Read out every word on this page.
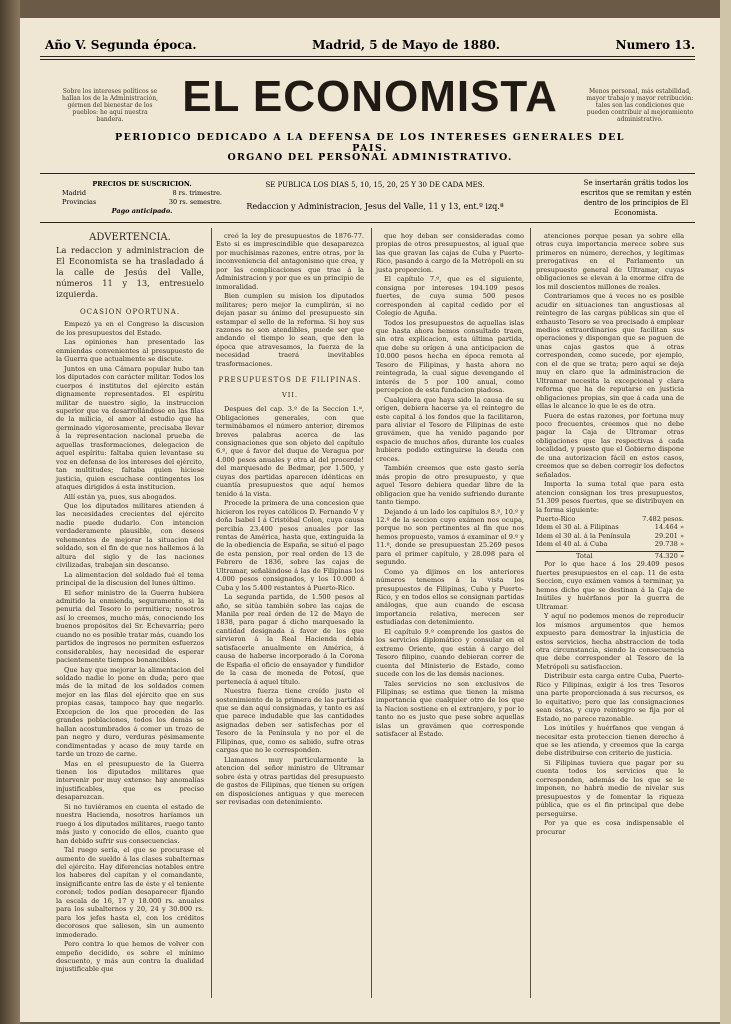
Año V. Segunda época.	Madrid, 5 de Mayo de 1880.	Numero 13.
Sobre los intereses políticos se hallan los de la Administración, gérmen del bienestar de los pueblos: he aquí nuestra bandera.
Menos personal, más estabilidad, mayor trabajo y mayor retribución: tales son las condiciones que pueden contribuir al mejoramiento administrativo.
EL ECONOMISTA
PERIODICO DEDICADO A LA DEFENSA DE LOS INTERESES GENERALES DEL PAIS.
ORGANO DEL PERSONAL ADMINISTRATIVO.
PRECIOS DE SUSCRICION.
Madrid	8 rs. trimestre.
Provincias	30 rs. semestre.
Pago anticipado.
SE PUBLICA LOS DIAS 5, 10, 15, 20, 25 Y 30 DE CADA MES.
Redaccion y Administracion, Jesus del Valle, 11 y 13, ent.º izq.ª
Se insertarán grátis todos los escritos que se remitan y estén dentro de los principios de El Economista.
ADVERTENCIA.
La redaccion y administracion de El Economista se ha trasladado á la calle de Jesús del Valle, números 11 y 13, entresuelo izquierda.
OCASION OPORTUNA.

Empezó ya en el Congreso la discusion de los presupuestos del Estado.

Las opiniones han presentado las enmiendas convenientes al presupuesto de la Guerra que actualmente se discute.

Juntos en una Cámara popular hubo tan los diputados con carácter militar. Todos los cuerpos é institutos del ejército están dignamente representados. El espíritu militar de nuestro siglo, la instruccion superior que va desarrollándose en las filas de la milicia, el amor al estudio que ha germinado vigorosamente, precisaba llevar á la representacion nacional prueba de aquellas trasformaciones, delegacion de aquel espíritu: faltaba quien levantase su voz en defensa de los intereses del ejército, tan multitudes; faltaba quien hiciese justicia, quien escuchase contingentes los ataques dirigidos á esta institucion.

Allí están ya, pues, sus abogados.

Que los diputados militares atienden á las necesidades crecientes del ejército nadie puede dudarlo. Con intencion verdaderamente plausible, con deseos vehementes de mejorar la situacion del soldado, son el fin de que nos hallemos á la altura del siglo y de las naciones civilizadas, trabajan sin descanso.

La alimentacion del soldado fué el tema principal de la discusion del lunes último.

El señor ministro de la Guerra hubiera admitido la enmienda, seguramente, si la penuria del Tesoro lo permitiera; nosotros así lo creemos, mucho más, conociendo los buenos propósitos del Sr. Echevarría; pero cuando no es posible tratar más, cuando los partidos de ingresos no permiten esfuerzos considerables, hay necesidad de esperar pacientemente tiempos bonancibles.

Que hay que mejorar la alimentacion del soldado nadie lo pone en duda; pero que más de la mitad de los soldados comen mejor en las filas del ejército que en sus propias casas, tampoco hay que negarlo. Excepcion de los que proceden de las grandes poblaciones, todos los demás se hallan acostumbrados á comer un trozo de pan negro y duro, verduras pésimamente condimentadas y acaso de muy tarde en tarde un trozo de carne.

Mas en el presupuesto de la Guerra tienen los diputados militares que intervenir por muy extenso: hay anomalías injustificables, que es preciso desaparezcan.

Si no tuviéramos en cuenta el estado de nuestra Hacienda, nosotros haríamos un ruego á los diputados militares, ruego tanto más justo y conocido de ellos, cuanto que han debido sufrir sus consecuencias.

Tal ruego sería, el que se procurase el aumento de sueldo á las clases subalternas del ejército. Hay diferencias notables entre los haberes del capitan y el comandante, insignificante entre las de éste y el teniente coronel; todos podían desaparecer fijando la escala de 16, 17 y 18.000 rs. anuales para los subalternos y 20, 24 y 30.000 rs. para los jefes hasta el, con los créditos decorosos que saliesen, sin un aumento inmoderado.

Pero contra lo que hemos de volver con empeño decidido, es sobre el mínimo descuento, y más aun contra la dualidad injustificable que

creó la ley de presupuestos de 1876-77. Esto si es imprescindible que desaparezca por muchísimas razones, entre otras, por la inconveniencia del antagonismo que crea, y por las complicaciones que trae á la Administracion y por que es un principio de inmoralidad.

Bien cumplen su mision los diputados militares; pero mejor la cumplirán, si no dejan pasar su ánimo del presupuesto sin estampar el sello de la reforma. Si hoy sus razones no son atendibles, puede ser que andando el tiempo lo sean, que den la época que atravesamos, la fuerza de la necesidad traerá inevitables trasformaciones.

PRESUPUESTOS DE FILIPINAS.
VII.

Despues del cap. 3.º de la Seccion 1.ª, Obligaciones generales, con que terminábamos el número anterior, diremos breves palabras acerca de las consignaciones que son objeto del capítulo 6.º, que á favor del duque de Veragua por 4.000 pesos anuales y otra al del procerde! del marquesado de Bedmar, por 1.500, y cuyas dos partidas aparecen idénticas en cuantía presupuestos que aquí hemos tenido á la vista.

Procede la primera de una concesion que hicieron los reyes católicos D. Fernando V y doña Isabel I á Cristóbal Colon, cuya causa percibía 23.400 pesos anuales por las rentas de América, hasta que, extinguida la de la obediencia de España, se situó el pago de esta pension, por real orden de 13 de Febrero de 1836, sobre las cajas de Ultramar, señalándose á las de Filipinas los 4.000 pesos consignados, y los 10.000 á Cuba y los 5.400 restantes á Puerto-Rico.

La segunda partida, de 1.500 pesos al año, se sitúa también sobre las cajas de Manila por real órden de 12 de Mayo de 1838, para pagar á dicho marquesado la cantidad designada á favor de los que sirvieron á la Real Hacienda debía satisfacerle anualmente en América, á causa de haberse incorporado á la Corona de España el oficio de ensayador y fundidor de la casa de moneda de Potosí, que pertenecía á aquel título.

Nuestra fuerza tiene creído justo el sostenimiento de la primera de las partidas que se dan aquí consignadas, y tanto es así que parece indudable que las cantidades asignadas deben ser satisfechas por el Tesoro de la Península y no por el de Filipinas, que, como es sabido, sufre otras cargas que no le corresponden.

Llamamos muy particularmente la atencion del señor ministro de Ultramar sobre ésta y otras partidas del presupuesto de gastos de Filipinas, que tienen su orígen en disposiciones antiguas y que merecen ser revisadas con detenimiento.

que hoy deban ser consideradas como propias de otros presupuestos, al igual que las que gravan las cajas de Cuba y Puerto-Rico, pasando á cargo de la Metrópoli en su justa proporcion.

El capítulo 7.º, que es el siguiente, consigna por intereses 194.109 pesos fuertes, de cuya suma 500 pesos corresponden al capital cedido por el Colegio de Aguña.

Todos los presupuestos de aquellas islas que hasta ahora hemos consultado traen, sin otra explicacion, esta última partida, que debe su orígen á una anticipacion de 10.000 pesos hecha en época remota al Tesoro de Filipinas, y hasta ahora no reintegrada, la cual sigue devengando el interés de 5 por 100 anual, como percepcion de esta fundacion piadosa.

Cualquiera que haya sido la causa de su orígen, debiera hacerse ya el reintegro de este capital á los fondos que la facilitaron, para aliviar el Tesoro de Filipinas de este gravámen, que ha venido pagando por espacio de muchos años, durante los cuales hubiera podido extinguirse la deuda con creces.

También creemos que este gasto sería más propio de otro presupuesto, y que aquel Tesoro debiera quedar libre de la obligacion que ha venido sufriendo durante tanto tiempo.

Dejando á un lado los capítulos 8.º, 10.º y 12.º de la seccion cuyo exámen nos ocupa, porque no son pertinentes al fin que nos hemos propuesto, vamos á examinar el 9.º y 11.º, donde se presupuestan 25.269 pesos para el primer capítulo, y 28.098 para el segundo.

Como ya dijimos en los anteriores números tenemos á la vista los presupuestos de Filipinas, Cuba y Puerto-Rico, y en todos ellos se consignan partidas análogas, que aun cuando de escasa importancia relativa, merecen ser estudiadas con detenimiento.

El capítulo 9.º comprende los gastos de los servicios diplomático y consular en el extremo Oriente, que están á cargo del Tesoro filipino, cuando debieran correr de cuenta del Ministerio de Estado, como sucede con los de las demás naciones.

Tales servicios no son exclusivos de Filipinas; se estima que tienen la misma importancia que cualquier otro de los que la Nacion sostiene en el extranjero, y por lo tanto no es justo que pese sobre aquellas islas un gravámen que corresponde satisfacer al Estado.

atenciones porque pesan ya sobre ella otras cuya importancia merece sobre sus primeros en número, derechos, y legítimas prerogativas en el Parlamento un presupuesto general de Ultramar, cuyas obligaciones se elevan á la enorme cifra de los mil doscientos millones de reales.

Contrariamos que á veces no es posible acudir en situaciones tan angustiosas al reintegro de las cargas públicas sin que el exhausto Tesoro se vea precisado á emplear medios extraordinarios que facilitan sus operaciones y dispongan que se paguen de unas cajas gastos que á otras corresponden, como sucede, por ejemplo, con el de que se trata; pero aquí se deja muy en claro que la administracion de Ultramar necesita la excepcional y clara reforma que ha de reputarse en justicia obligaciones propias, sin que á cada una de ellas le alcance lo que le es de otra.

Fuera de estas razones, por fortuna muy poco frecuentes, creemos que no debe pagar la Caja de Ultramar otras obligaciones que las respectivas á cada localidad, y puesto que el Gobierno dispone de una autorizacion fácil en estos casos, creemos que se deben corregir los defectos señalados.

Importa la suma total que para esta atencion consignan los tres presupuestos, 51.309 pesos fuertes, que se distribuyen en la forma siguiente:

Puerto-Rico	7.482 pesos.
Idem el 30 al. á Filipinas	14.464 »
Idem el 30 al. á la Península	29.201 »
Idem el 40 al. á Cuba	29.738 »
Total	74.320 »

Por lo que hace á los 29.409 pesos fuertes presupuestos en el cap. 11 de esta Seccion, cuyo exámen vamos á terminar, ya hemos dicho que se destinan á la Caja de Inútiles y huérfanos por la guerra de Ultramar.

Y aquí no podemos menos de reproducir los mismos argumentos que hemos expuesto para demostrar la injusticia de estos servicios, hecha abstraccion de toda otra circunstancia, siendo la consecuencia que debe corresponder al Tesoro de la Metrópoli su satisfaccion.

Distribuir esta carga entre Cuba, Puerto-Rico y Filipinas, exigir á los tres Tesoros una parte proporcionada á sus recursos, es lo equitativo; pero que las consignaciones sean éstas, y cuyo reintegro se fija por el Estado, no parece razonable.

Los inútiles y huérfanos que vengan á necesitar esta proteccion tienen derecho á que se les atienda, y creemos que la carga debe distribuirse con criterio de justicia.

Si Filipinas tuviera que pagar por su cuenta todos los servicios que le corresponden, además de los que se le imponen, no habrá medio de nivelar sus presupuestos y de fomentar la riqueza pública, que es el fin principal que debe perseguirse.

Por ya que es cosa indispensable el procurar
